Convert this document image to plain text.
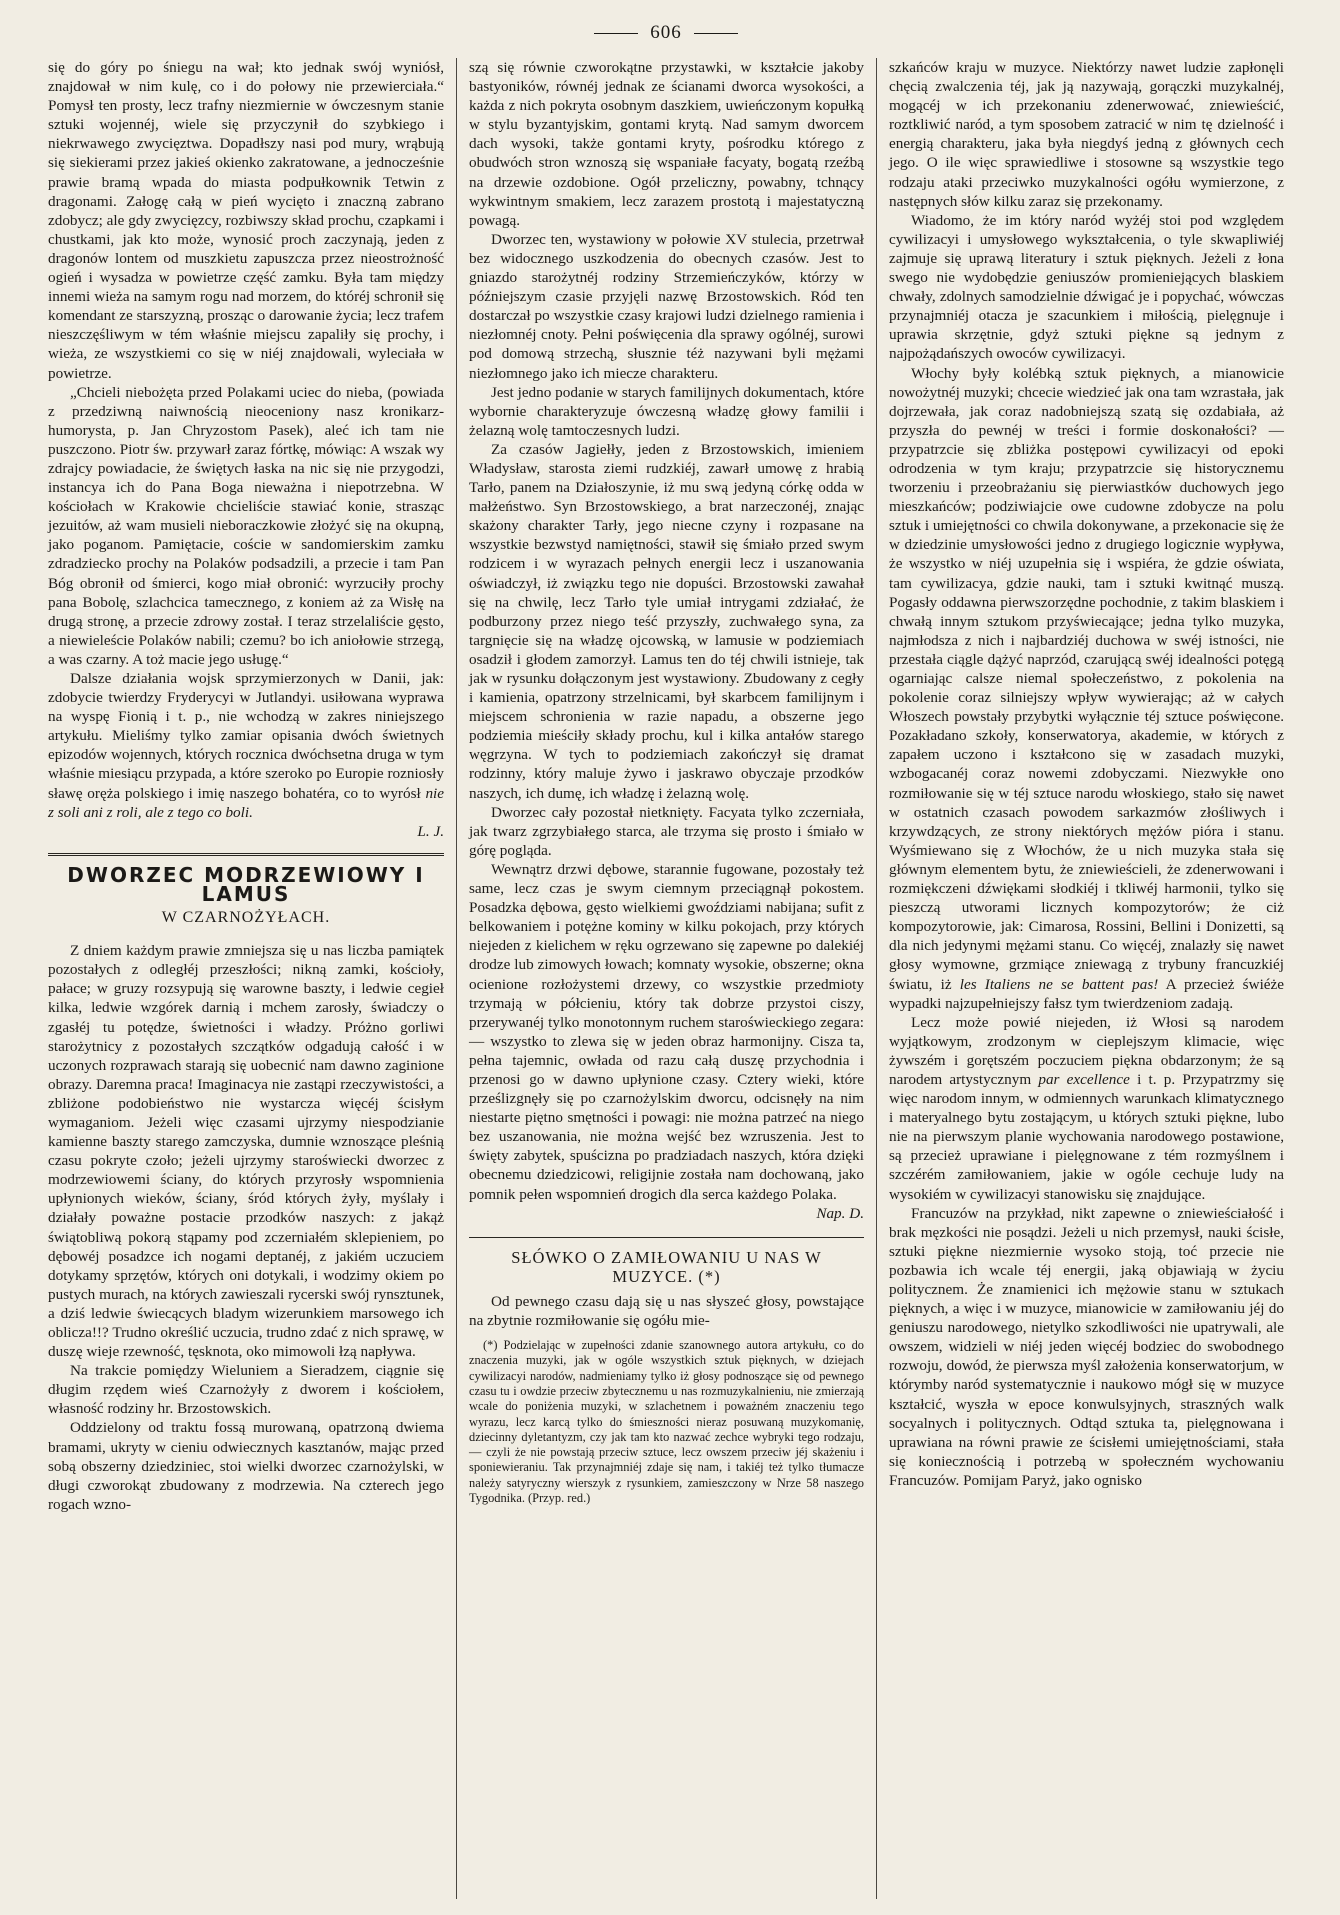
606

się do góry po śniegu na wał; kto jednak swój wyniósł, znajdował w nim kulę, co i do połowy nie przewierciała.“ Pomysł ten prosty, lecz trafny niezmiernie w ówczesnym stanie sztuki wojennéj, wiele się przyczynił do szybkiego i niekrwawego zwycięztwa. Dopadłszy nasi pod mury, wrąbują się siekierami przez jakieś okienko zakratowane, a jednocześnie prawie bramą wpada do miasta podpułkownik Tetwin z dragonami. Załogę całą w pień wycięto i znaczną zabrano zdobycz; ale gdy zwycięzcy, rozbiwszy skład prochu, czapkami i chustkami, jak kto może, wynosić proch zaczynają, jeden z dragonów lontem od muszkietu zapuszcza przez nieostrożność ogień i wysadza w powietrze część zamku. Była tam między innemi wieża na samym rogu nad morzem, do któréj schronił się komendant ze starszyzną, prosząc o darowanie życia; lecz trafem nieszczęśliwym w tém właśnie miejscu zapaliły się prochy, i wieża, ze wszystkiemi co się w niéj znajdowali, wyleciała w powietrze.

„Chcieli niebożęta przed Polakami uciec do nieba, (powiada z przedziwną naiwnością nieoceniony nasz kronikarz-humorysta, p. Jan Chryzostom Pasek), aleć ich tam nie puszczono. Piotr św. przywarł zaraz fórtkę, mówiąc: A wszak wy zdrajcy powiadacie, że świętych łaska na nic się nie przygodzi, instancya ich do Pana Boga nieważna i niepotrzebna. W kościołach w Krakowie chcieliście stawiać konie, strasząc jezuitów, aż wam musieli nieboraczkowie złożyć się na okupną, jako poganom. Pamiętacie, coście w sandomierskim zamku zdradziecko prochy na Polaków podsadzili, a przecie i tam Pan Bóg obronił od śmierci, kogo miał obronić: wyrzuciły prochy pana Bobolę, szlachcica tamecznego, z koniem aż za Wisłę na drugą stronę, a przecie zdrowy został. I teraz strzelaliście gęsto, a niewieleście Polaków nabili; czemu? bo ich aniołowie strzegą, a was czarny. A toż macie jego usługę.“

Dalsze działania wojsk sprzymierzonych w Danii, jak: zdobycie twierdzy Fryderycyi w Jutlandyi. usiłowana wyprawa na wyspę Fionią i t. p., nie wchodzą w zakres niniejszego artykułu. Mieliśmy tylko zamiar opisania dwóch świetnych epizodów wojennych, których rocznica dwóchsetna druga w tym właśnie miesiącu przypada, a które szeroko po Europie rozniosły sławę oręża polskiego i imię naszego bohatéra, co to wyrósł nie z soli ani z roli, ale z tego co boli.

L. J.

DWORZEC MODRZEWIOWY I LAMUS
W CZARNOŻYŁACH.

Z dniem każdym prawie zmniejsza się u nas liczba pamiątek pozostałych z odległéj przeszłości; nikną zamki, kościoły, pałace; w gruzy rozsypują się warowne baszty, i ledwie cegieł kilka, ledwie wzgórek darnią i mchem zarosły, świadczy o zgasłéj tu potędze, świetności i władzy. Próżno gorliwi starożytnicy z pozostałych szczątków odgadują całość i w uczonych rozprawach starają się uobecnić nam dawno zaginione obrazy. Daremna praca! Imaginacya nie zastąpi rzeczywistości, a zbliżone podobieństwo nie wystarcza więcéj ścisłym wymaganiom. Jeżeli więc czasami ujrzymy niespodzianie kamienne baszty starego zamczyska, dumnie wznoszące pleśnią czasu pokryte czoło; jeżeli ujrzymy staroświecki dworzec z modrzewiowemi ściany, do których przyrosły wspomnienia upłynionych wieków, ściany, śród których żyły, myślały i działały poważne postacie przodków naszych: z jakąż świątobliwą pokorą stąpamy pod zczerniałém sklepieniem, po dębowéj posadzce ich nogami deptanéj, z jakiém uczuciem dotykamy sprzętów, których oni dotykali, i wodzimy okiem po pustych murach, na których zawieszali rycerski swój rynsztunek, a dziś ledwie świecących bladym wizerunkiem marsowego ich oblicza!!? Trudno określić uczucia, trudno zdać z nich sprawę, w duszę wieje rzewność, tęsknota, oko mimowoli łzą napływa.

Na trakcie pomiędzy Wieluniem a Sieradzem, ciągnie się długim rzędem wieś Czarnożyły z dworem i kościołem, własność rodziny hr. Brzostowskich.

Oddzielony od traktu fossą murowaną, opatrzoną dwiema bramami, ukryty w cieniu odwiecznych kasztanów, mając przed sobą obszerny dziedziniec, stoi wielki dworzec czarnożylski, w długi czworokąt zbudowany z modrzewia. Na czterech jego rogach wzno-

szą się równie czworokątne przystawki, w kształcie jakoby bastyoników, równéj jednak ze ścianami dworca wysokości, a każda z nich pokryta osobnym daszkiem, uwieńczonym kopułką w stylu byzantyjskim, gontami krytą. Nad samym dworcem dach wysoki, także gontami kryty, pośrodku którego z obudwóch stron wznoszą się wspaniałe facyaty, bogatą rzeźbą na drzewie ozdobione. Ogół przeliczny, powabny, tchnący wykwintnym smakiem, lecz zarazem prostotą i majestatyczną powagą.

Dworzec ten, wystawiony w połowie XV stulecia, przetrwał bez widocznego uszkodzenia do obecnych czasów. Jest to gniazdo starożytnéj rodziny Strzemieńczyków, którzy w późniejszym czasie przyjęli nazwę Brzostowskich. Ród ten dostarczał po wszystkie czasy krajowi ludzi dzielnego ramienia i niezłomnéj cnoty. Pełni poświęcenia dla sprawy ogólnéj, surowi pod domową strzechą, słusznie téż nazywani byli mężami niezłomnego jako ich miecze charakteru.

Jest jedno podanie w starych familijnych dokumentach, które wybornie charakteryzuje ówczesną władzę głowy familii i żelazną wolę tamtoczesnych ludzi.

Za czasów Jagiełły, jeden z Brzostowskich, imieniem Władysław, starosta ziemi rudzkiéj, zawarł umowę z hrabią Tarło, panem na Działoszynie, iż mu swą jedyną córkę odda w małżeństwo. Syn Brzostowskiego, a brat narzeczonéj, znając skażony charakter Tarły, jego niecne czyny i rozpasane na wszystkie bezwstyd namiętności, stawił się śmiało przed swym rodzicem i w wyrazach pełnych energii lecz i uszanowania oświadczył, iż związku tego nie dopuści. Brzostowski zawahał się na chwilę, lecz Tarło tyle umiał intrygami zdziałać, że podburzony przez niego teść przyszły, zuchwałego syna, za targnięcie się na władzę ojcowską, w lamusie w podziemiach osadził i głodem zamorzył. Lamus ten do téj chwili istnieje, tak jak w rysunku dołączonym jest wystawiony. Zbudowany z cegły i kamienia, opatrzony strzelnicami, był skarbcem familijnym i miejscem schronienia w razie napadu, a obszerne jego podziemia mieściły składy prochu, kul i kilka antałów starego węgrzyna. W tych to podziemiach zakończył się dramat rodzinny, który maluje żywo i jaskrawo obyczaje przodków naszych, ich dumę, ich władzę i żelazną wolę.

Dworzec cały pozostał nietknięty. Facyata tylko zczerniała, jak twarz zgrzybiałego starca, ale trzyma się prosto i śmiało w górę pogląda.

Wewnątrz drzwi dębowe, starannie fugowane, pozostały też same, lecz czas je swym ciemnym przeciągnął pokostem. Posadzka dębowa, gęsto wielkiemi gwoździami nabijana; sufit z belkowaniem i potężne kominy w kilku pokojach, przy których niejeden z kielichem w ręku ogrzewano się zapewne po dalekiéj drodze lub zimowych łowach; komnaty wysokie, obszerne; okna ocienione rozłożystemi drzewy, co wszystkie przedmioty trzymają w półcieniu, który tak dobrze przystoi ciszy, przerywanéj tylko monotonnym ruchem staroświeckiego zegara: — wszystko to zlewa się w jeden obraz harmonijny. Cisza ta, pełna tajemnic, owłada od razu całą duszę przychodnia i przenosi go w dawno upłynione czasy. Cztery wieki, które prześlizgnęły się po czarnożylskim dworcu, odcisnęły na nim niestarte piętno smętności i powagi: nie można patrzeć na niego bez uszanowania, nie można wejść bez wzruszenia. Jest to święty zabytek, spuścizna po pradziadach naszych, która dzięki obecnemu dziedzicowi, religijnie została nam dochowaną, jako pomnik pełen wspomnień drogich dla serca każdego Polaka.

Nap. D.

SŁÓWKO O ZAMIŁOWANIU U NAS W MUZYCE. (*)

Od pewnego czasu dają się u nas słyszeć głosy, powstające na zbytnie rozmiłowanie się ogółu mie-

(*) Podzielając w zupełności zdanie szanownego autora artykułu, co do znaczenia muzyki, jak w ogóle wszystkich sztuk pięknych, w dziejach cywilizacyi narodów, nadmieniamy tylko iż głosy podnoszące się od pewnego czasu tu i owdzie przeciw zbytecznemu u nas rozmuzykalnieniu, nie zmierzają wcale do poniżenia muzyki, w szlachetnem i poważném znaczeniu tego wyrazu, lecz karcą tylko do śmieszności nieraz posuwaną muzykomanię, dziecinny dyletantyzm, czy jak tam kto nazwać zechce wybryki tego rodzaju, — czyli że nie powstają przeciw sztuce, lecz owszem przeciw jéj skażeniu i sponiewieraniu. Tak przynajmniéj zdaje się nam, i takiéj też tylko tłumacze należy satyryczny wierszyk z rysunkiem, zamieszczony w Nrze 58 naszego Tygodnika. (Przyp. red.)

szkańców kraju w muzyce. Niektórzy nawet ludzie zapłonęli chęcią zwalczenia téj, jak ją nazywają, gorączki muzykalnéj, mogącéj w ich przekonaniu zdenerwować, zniewieścić, roztkliwić naród, a tym sposobem zatracić w nim tę dzielność i energią charakteru, jaka była niegdyś jedną z głównych cech jego. O ile więc sprawiedliwe i stosowne są wszystkie tego rodzaju ataki przeciwko muzykalności ogółu wymierzone, z następnych słów kilku zaraz się przekonamy.

Wiadomo, że im który naród wyżéj stoi pod względem cywilizacyi i umysłowego wykształcenia, o tyle skwapliwiéj zajmuje się uprawą literatury i sztuk pięknych. Jeżeli z łona swego nie wydobędzie geniuszów promieniejących blaskiem chwały, zdolnych samodzielnie dźwigać je i popychać, wówczas przynajmniéj otacza je szacunkiem i miłością, pielęgnuje i uprawia skrzętnie, gdyż sztuki piękne są jednym z najpożądańszych owoców cywilizacyi.

Włochy były kolébką sztuk pięknych, a mianowicie nowożytnéj muzyki; chcecie wiedzieć jak ona tam wzrastała, jak dojrzewała, jak coraz nadobniejszą szatą się ozdabiała, aż przyszła do pewnéj w treści i formie doskonałości? — przypatrzcie się zbliżka postępowi cywilizacyi od epoki odrodzenia w tym kraju; przypatrzcie się historycznemu tworzeniu i przeobrażaniu się pierwiastków duchowych jego mieszkańców; podziwiajcie owe cudowne zdobycze na polu sztuk i umiejętności co chwila dokonywane, a przekonacie się że w dziedzinie umysłowości jedno z drugiego logicznie wypływa, że wszystko w niéj uzupełnia się i wspiéra, że gdzie oświata, tam cywilizacya, gdzie nauki, tam i sztuki kwitnąć muszą. Pogasły oddawna pierwszorzędne pochodnie, z takim blaskiem i chwałą innym sztukom przyświecające; jedna tylko muzyka, najmłodsza z nich i najbardziéj duchowa w swéj istności, nie przestała ciągle dążyć naprzód, czarującą swéj idealności potęgą ogarniając calsze niemal społeczeństwo, z pokolenia na pokolenie coraz silniejszy wpływ wywierając; aż w całych Włoszech powstały przybytki wyłącznie téj sztuce poświęcone. Pozakładano szkoły, konserwatorya, akademie, w których z zapałem uczono i kształcono się w zasadach muzyki, wzbogacanéj coraz nowemi zdobyczami. Niezwykłe ono rozmiłowanie się w téj sztuce narodu włoskiego, stało się nawet w ostatnich czasach powodem sarkazmów złośliwych i krzywdzących, ze strony niektórych mężów pióra i stanu. Wyśmiewano się z Włochów, że u nich muzyka stała się głównym elementem bytu, że zniewieścieli, że zdenerwowani i rozmiękczeni dźwiękami słodkiéj i tkliwéj harmonii, tylko się pieszczą utworami licznych kompozytorów; że ciż kompozytorowie, jak: Cimarosa, Rossini, Bellini i Donizetti, są dla nich jedynymi mężami stanu. Co więcéj, znalazły się nawet głosy wymowne, grzmiące zniewagą z trybuny francuzkiéj światu, iż les Italiens ne se battent pas! A przecież świéże wypadki najzupełniejszy fałsz tym twierdzeniom zadają.

Lecz może powié niejeden, iż Włosi są narodem wyjątkowym, zrodzonym w cieplejszym klimacie, więc żywszém i gorętszém poczuciem piękna obdarzonym; że są narodem artystycznym par excellence i t. p. Przypatrzmy się więc narodom innym, w odmiennych warunkach klimatycznego i materyalnego bytu zostającym, u których sztuki piękne, lubo nie na pierwszym planie wychowania narodowego postawione, są przecież uprawiane i pielęgnowane z tém rozmyślnem i szczérém zamiłowaniem, jakie w ogóle cechuje ludy na wysokiém w cywilizacyi stanowisku się znajdujące.

Francuzów na przykład, nikt zapewne o zniewieściałość i brak męzkości nie posądzi. Jeżeli u nich przemysł, nauki ścisłe, sztuki piękne niezmiernie wysoko stoją, toć przecie nie pozbawia ich wcale téj energii, jaką objawiają w życiu politycznem. Że znamienici ich mężowie stanu w sztukach pięknych, a więc i w muzyce, mianowicie w zamiłowaniu jéj do geniuszu narodowego, nietylko szkodliwości nie upatrywali, ale owszem, widzieli w niéj jeden więcéj bodziec do swobodnego rozwoju, dowód, że pierwsza myśl założenia konserwatorjum, w którymby naród systematycznie i naukowo mógł się w muzyce kształcić, wyszła w epoce konwulsyjnych, straszných walk socyalnych i politycznych. Odtąd sztuka ta, pielęgnowana i uprawiana na równi prawie ze ścisłemi umiejętnościami, stała się koniecznością i potrzebą w społeczném wychowaniu Francuzów. Pomijam Paryż, jako ognisko
